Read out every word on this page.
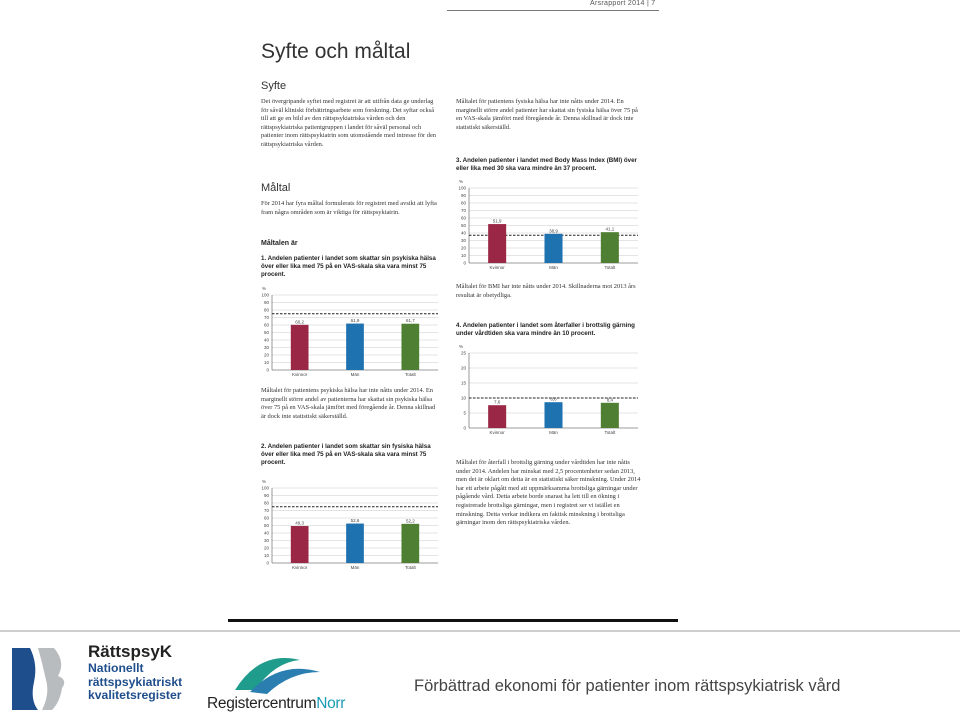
Årsrapport 2014 | 7
Syfte och måltal
Syfte
Det övergripande syftet med registret är att utifrån data ge underlag för såväl kliniskt förbättringsarbete som forskning. Det syftar också till att ge en bild av den rättspsykiatriska vården och den rättspsykiatriska patientgruppen i landet för såväl personal och patienter inom rättspsykiatrin som utomstående med intresse för den rättspsykiatriska vården.
Måltal
För 2014 har fyra måltal formulerats för registret med avsikt att lyfta fram några områden som är viktiga för rättspsykiatrin.
Måltalen är
1. Andelen patienter i landet som skattar sin psykiska hälsa över eller lika med 75 på en VAS-skala ska vara minst 75 procent.
%
0
10
20
30
40
50
60
70
80
90
100
60,2
Kvinnor
61,9
Män
61,7
Totalt
Måltalet för patientens psykiska hälsa har inte nåtts under 2014. En marginellt större andel av patienterna har skattat sin psykiska hälsa över 75 på en VAS-skala jämfört med föregående år. Denna skillnad är dock inte statistiskt säkerställd.
2. Andelen patienter i landet som skattar sin fysiska hälsa över eller lika med 75 på en VAS-skala ska vara minst 75 procent.
%
0
10
20
30
40
50
60
70
80
90
100
49,3
Kvinnor
52,6
Män
52,2
Totalt
Måltalet för patientens fysiska hälsa har inte nåtts under 2014. En marginellt större andel patienter har skattat sin fysiska hälsa över 75 på en VAS-skala jämfört med föregående år. Denna skillnad är dock inte statistiskt säkerställd.
3. Andelen patienter i landet med Body Mass Index (BMI) över eller lika med 30 ska vara mindre än 37 procent.
%
0
10
20
30
40
50
60
70
80
90
100
51,9
Kvinnor
38,9
Män
41,1
Totalt
Måltalet för BMI har inte nåtts under 2014. Skillnaderna mot 2013 års resultat är obetydliga.
4. Andelen patienter i landet som återfaller i brottslig gärning under vårdtiden ska vara mindre än 10 procent.
%
0
5
10
15
20
25
7,6
Kvinnor
8,6
Män
8,4
Totalt
Måltalet för återfall i brottslig gärning under vårdtiden har inte nåtts under 2014. Andelen har minskat med 2,5 procentenheter sedan 2013, men det är oklart om detta är en statistiskt säker minskning. Under 2014 har ett arbete pågått med att uppmärksamma brottsliga gärningar under pågående vård. Detta arbete borde snarast ha lett till en ökning i registrerade brottsliga gärningar, men i registret ser vi istället en minskning. Detta verkar indikera en faktisk minskning i brottsliga gärningar inom den rättspsykiatriska vården.
RättspsyK
Nationellt
rättspsykiatriskt
kvalitetsregister RegistercentrumNorr
Förbättrad ekonomi för patienter inom rättspsykiatrisk vård
